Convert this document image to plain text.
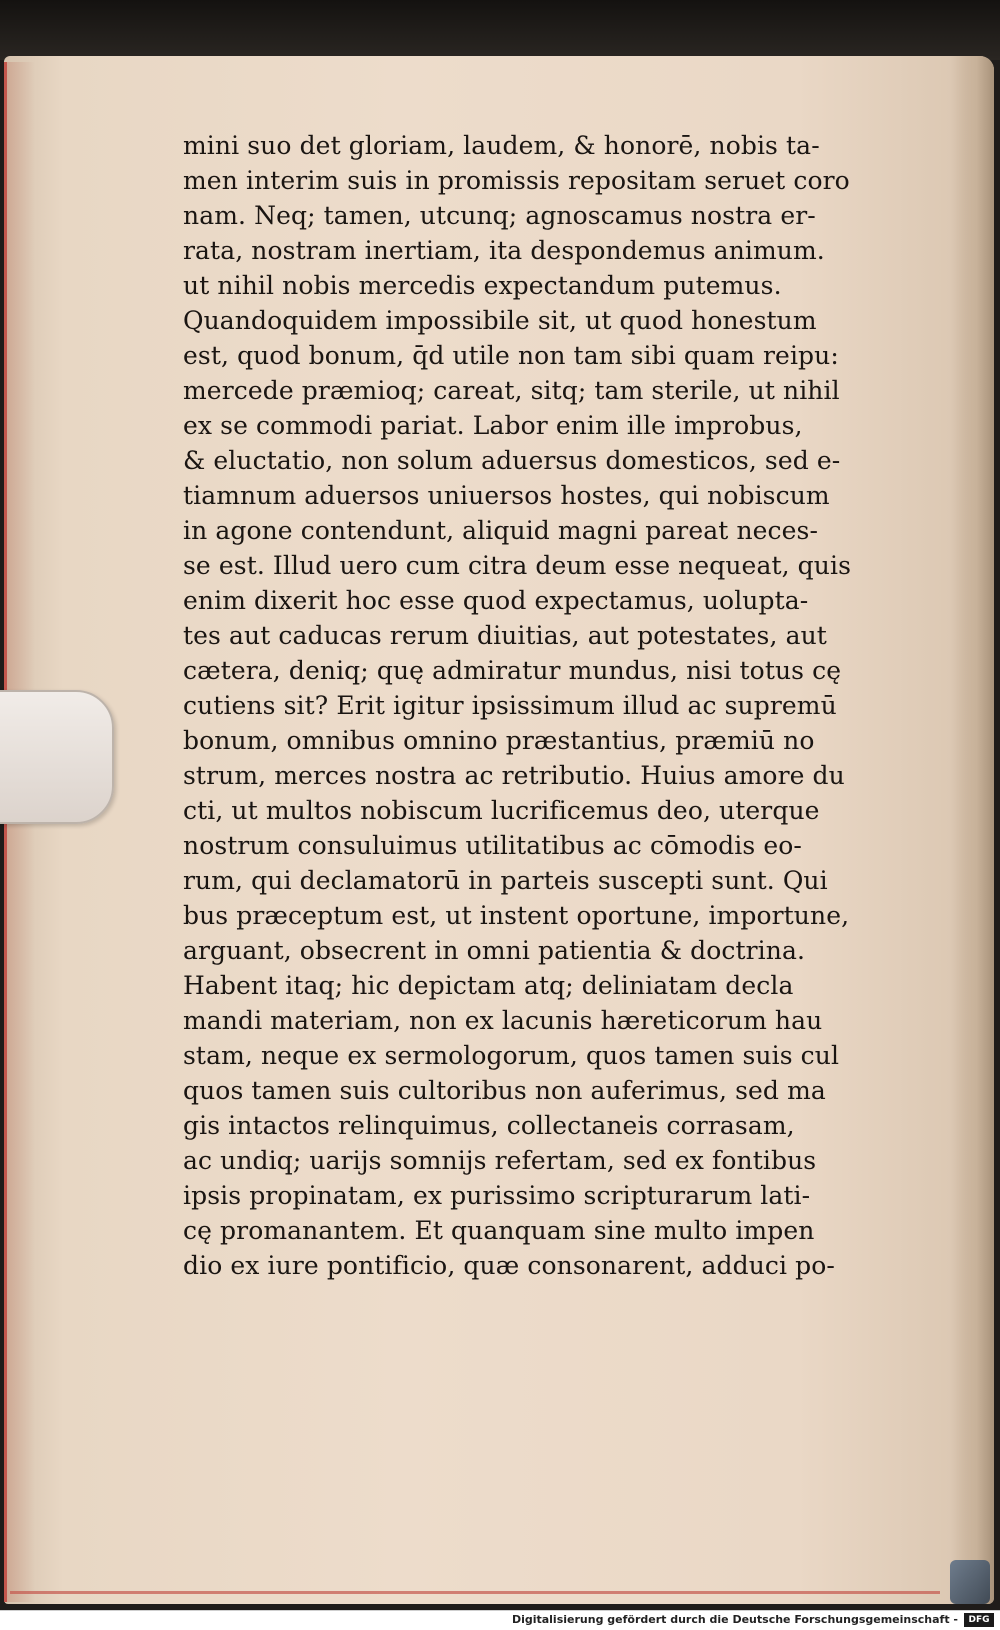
mini suo det gloriam, laudem, & honorē, nobis ta-
men interim suis in promissis repositam seruet coro
nam. Neq; tamen, utcunq; agnoscamus nostra er-
rata, nostram inertiam, ita despondemus animum.
ut nihil nobis mercedis expectandum putemus.
Quandoquidem impossibile sit, ut quod honestum
est, quod bonum, q̄d utile non tam sibi quam reipu:
mercede præmioq; careat, sitq; tam sterile, ut nihil
ex se commodi pariat. Labor enim ille improbus,
& eluctatio, non solum aduersus domesticos, sed e-
tiamnum aduersos uniuersos hostes, qui nobiscum
in agone contendunt, aliquid magni pareat neces-
se est. Illud uero cum citra deum esse nequeat, quis
enim dixerit hoc esse quod expectamus, uolupta-
tes aut caducas rerum diuitias, aut potestates, aut
cætera, deniq; quę admiratur mundus, nisi totus cę
cutiens sit? Erit igitur ipsissimum illud ac supremū
bonum, omnibus omnino præstantius, præmiū no
strum, merces nostra ac retributio. Huius amore du
cti, ut multos nobiscum lucrificemus deo, uterque
nostrum consuluimus utilitatibus ac cōmodis eo-
rum, qui declamatorū in parteis suscepti sunt. Qui
bus præceptum est, ut instent oportune, importune,
arguant, obsecrent in omni patientia & doctrina.
Habent itaq; hic depictam atq; deliniatam decla
mandi materiam, non ex lacunis hæreticorum hau
stam, neque ex sermologorum, quos tamen suis cul
quos tamen suis cultoribus non auferimus, sed ma
gis intactos relinquimus, collectaneis corrasam,
ac undiq; uarijs somnijs refertam, sed ex fontibus
ipsis propinatam, ex purissimo scripturarum lati-
cę promanantem. Et quanquam sine multo impen
dio ex iure pontificio, quæ consonarent, adduci po-
Digitalisierung gefördert durch die Deutsche Forschungsgemeinschaft -	DFG
